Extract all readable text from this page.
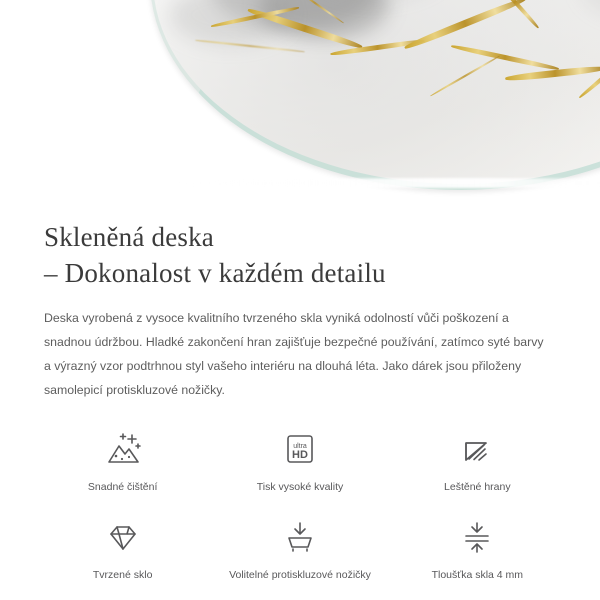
Skleněná deska
– Dokonalost v každém detailu

Deska vyrobená z vysoce kvalitního tvrzeného skla vyniká odolností vůči poškození a snadnou údržbou. Hladké zakončení hran zajišťuje bezpečné používání, zatímco syté barvy a výrazný vzor podtrhnou styl vašeho interiéru na dlouhá léta. Jako dárek jsou přiloženy samolepicí protiskluzové nožičky.

Snadné čištění
ultra
HD
Tisk vysoké kvality	Leštěné hrany
Tvrzené sklo	Volitelné protiskluzové nožičky	Tloušťka skla 4 mm
